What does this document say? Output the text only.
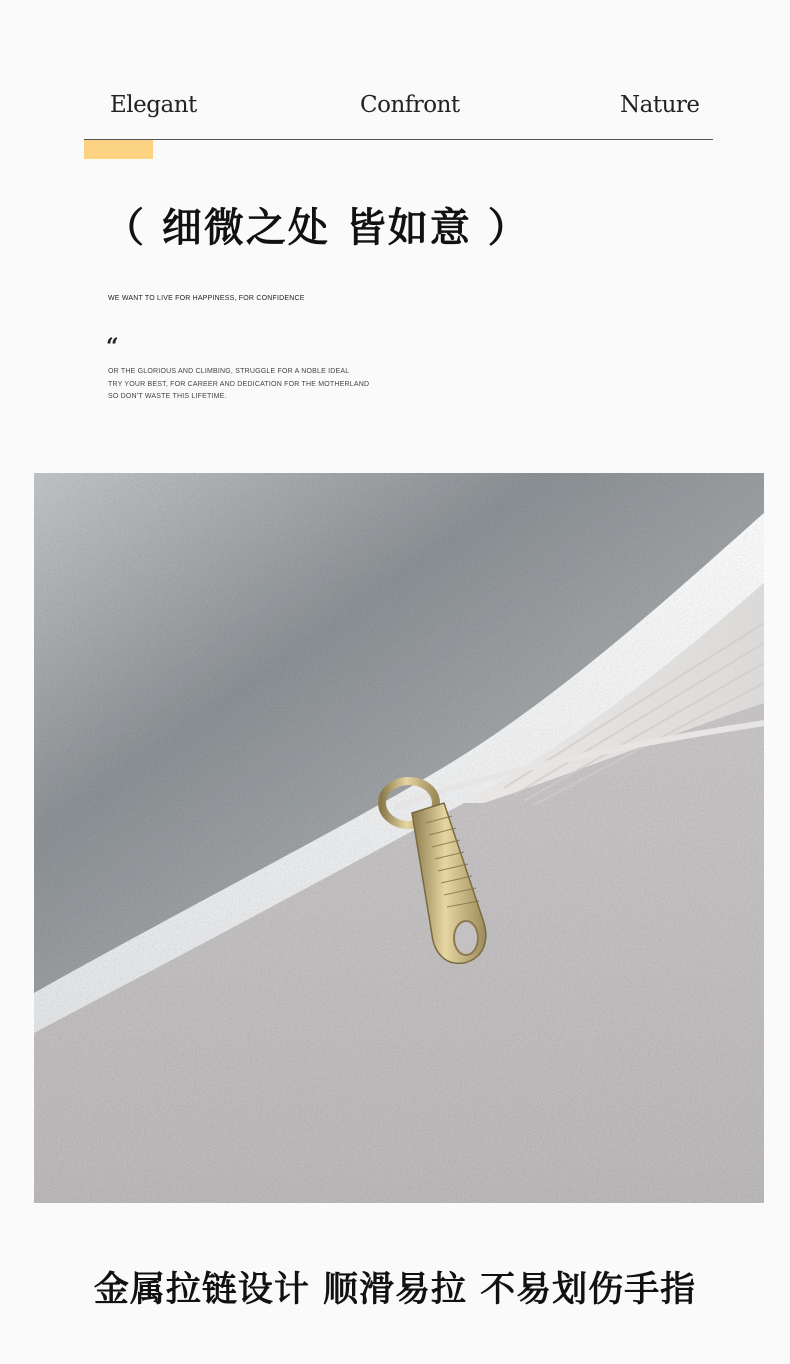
Elegant	Confront	Nature
（ 细微之处 皆如意 ）
WE WANT TO LIVE FOR HAPPINESS, FOR CONFIDENCE
“
OR THE GLORIOUS AND CLIMBING, STRUGGLE FOR A NOBLE IDEAL
TRY YOUR BEST, FOR CAREER AND DEDICATION FOR THE MOTHERLAND
SO DON'T WASTE THIS LIFETIME.
金属拉链设计 顺滑易拉 不易划伤手指
